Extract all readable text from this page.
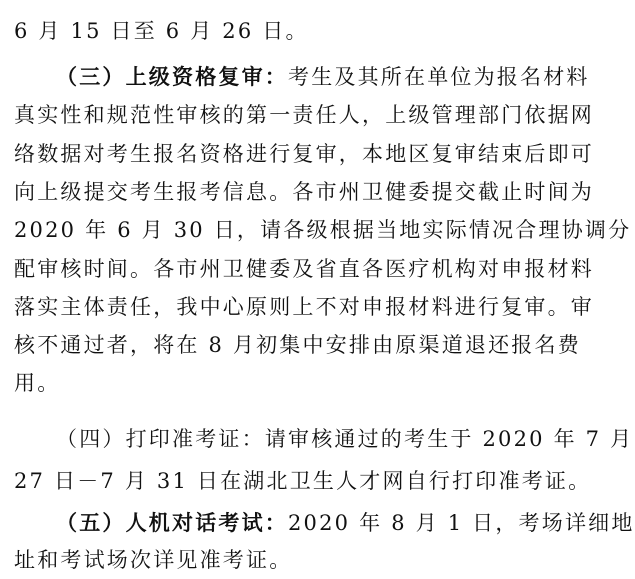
6 月 15 日至 6 月 26 日。
（三）上级资格复审：考生及其所在单位为报名材料
真实性和规范性审核的第一责任人，上级管理部门依据网
络数据对考生报名资格进行复审，本地区复审结束后即可
向上级提交考生报考信息。各市州卫健委提交截止时间为
2020 年 6 月 30 日，请各级根据当地实际情况合理协调分
配审核时间。各市州卫健委及省直各医疗机构对申报材料
落实主体责任，我中心原则上不对申报材料进行复审。审
核不通过者，将在 8 月初集中安排由原渠道退还报名费
用。
（四）打印准考证：请审核通过的考生于 2020 年 7 月
27 日－7 月 31 日在湖北卫生人才网自行打印准考证。
（五）人机对话考试：2020 年 8 月 1 日，考场详细地
址和考试场次详见准考证。
